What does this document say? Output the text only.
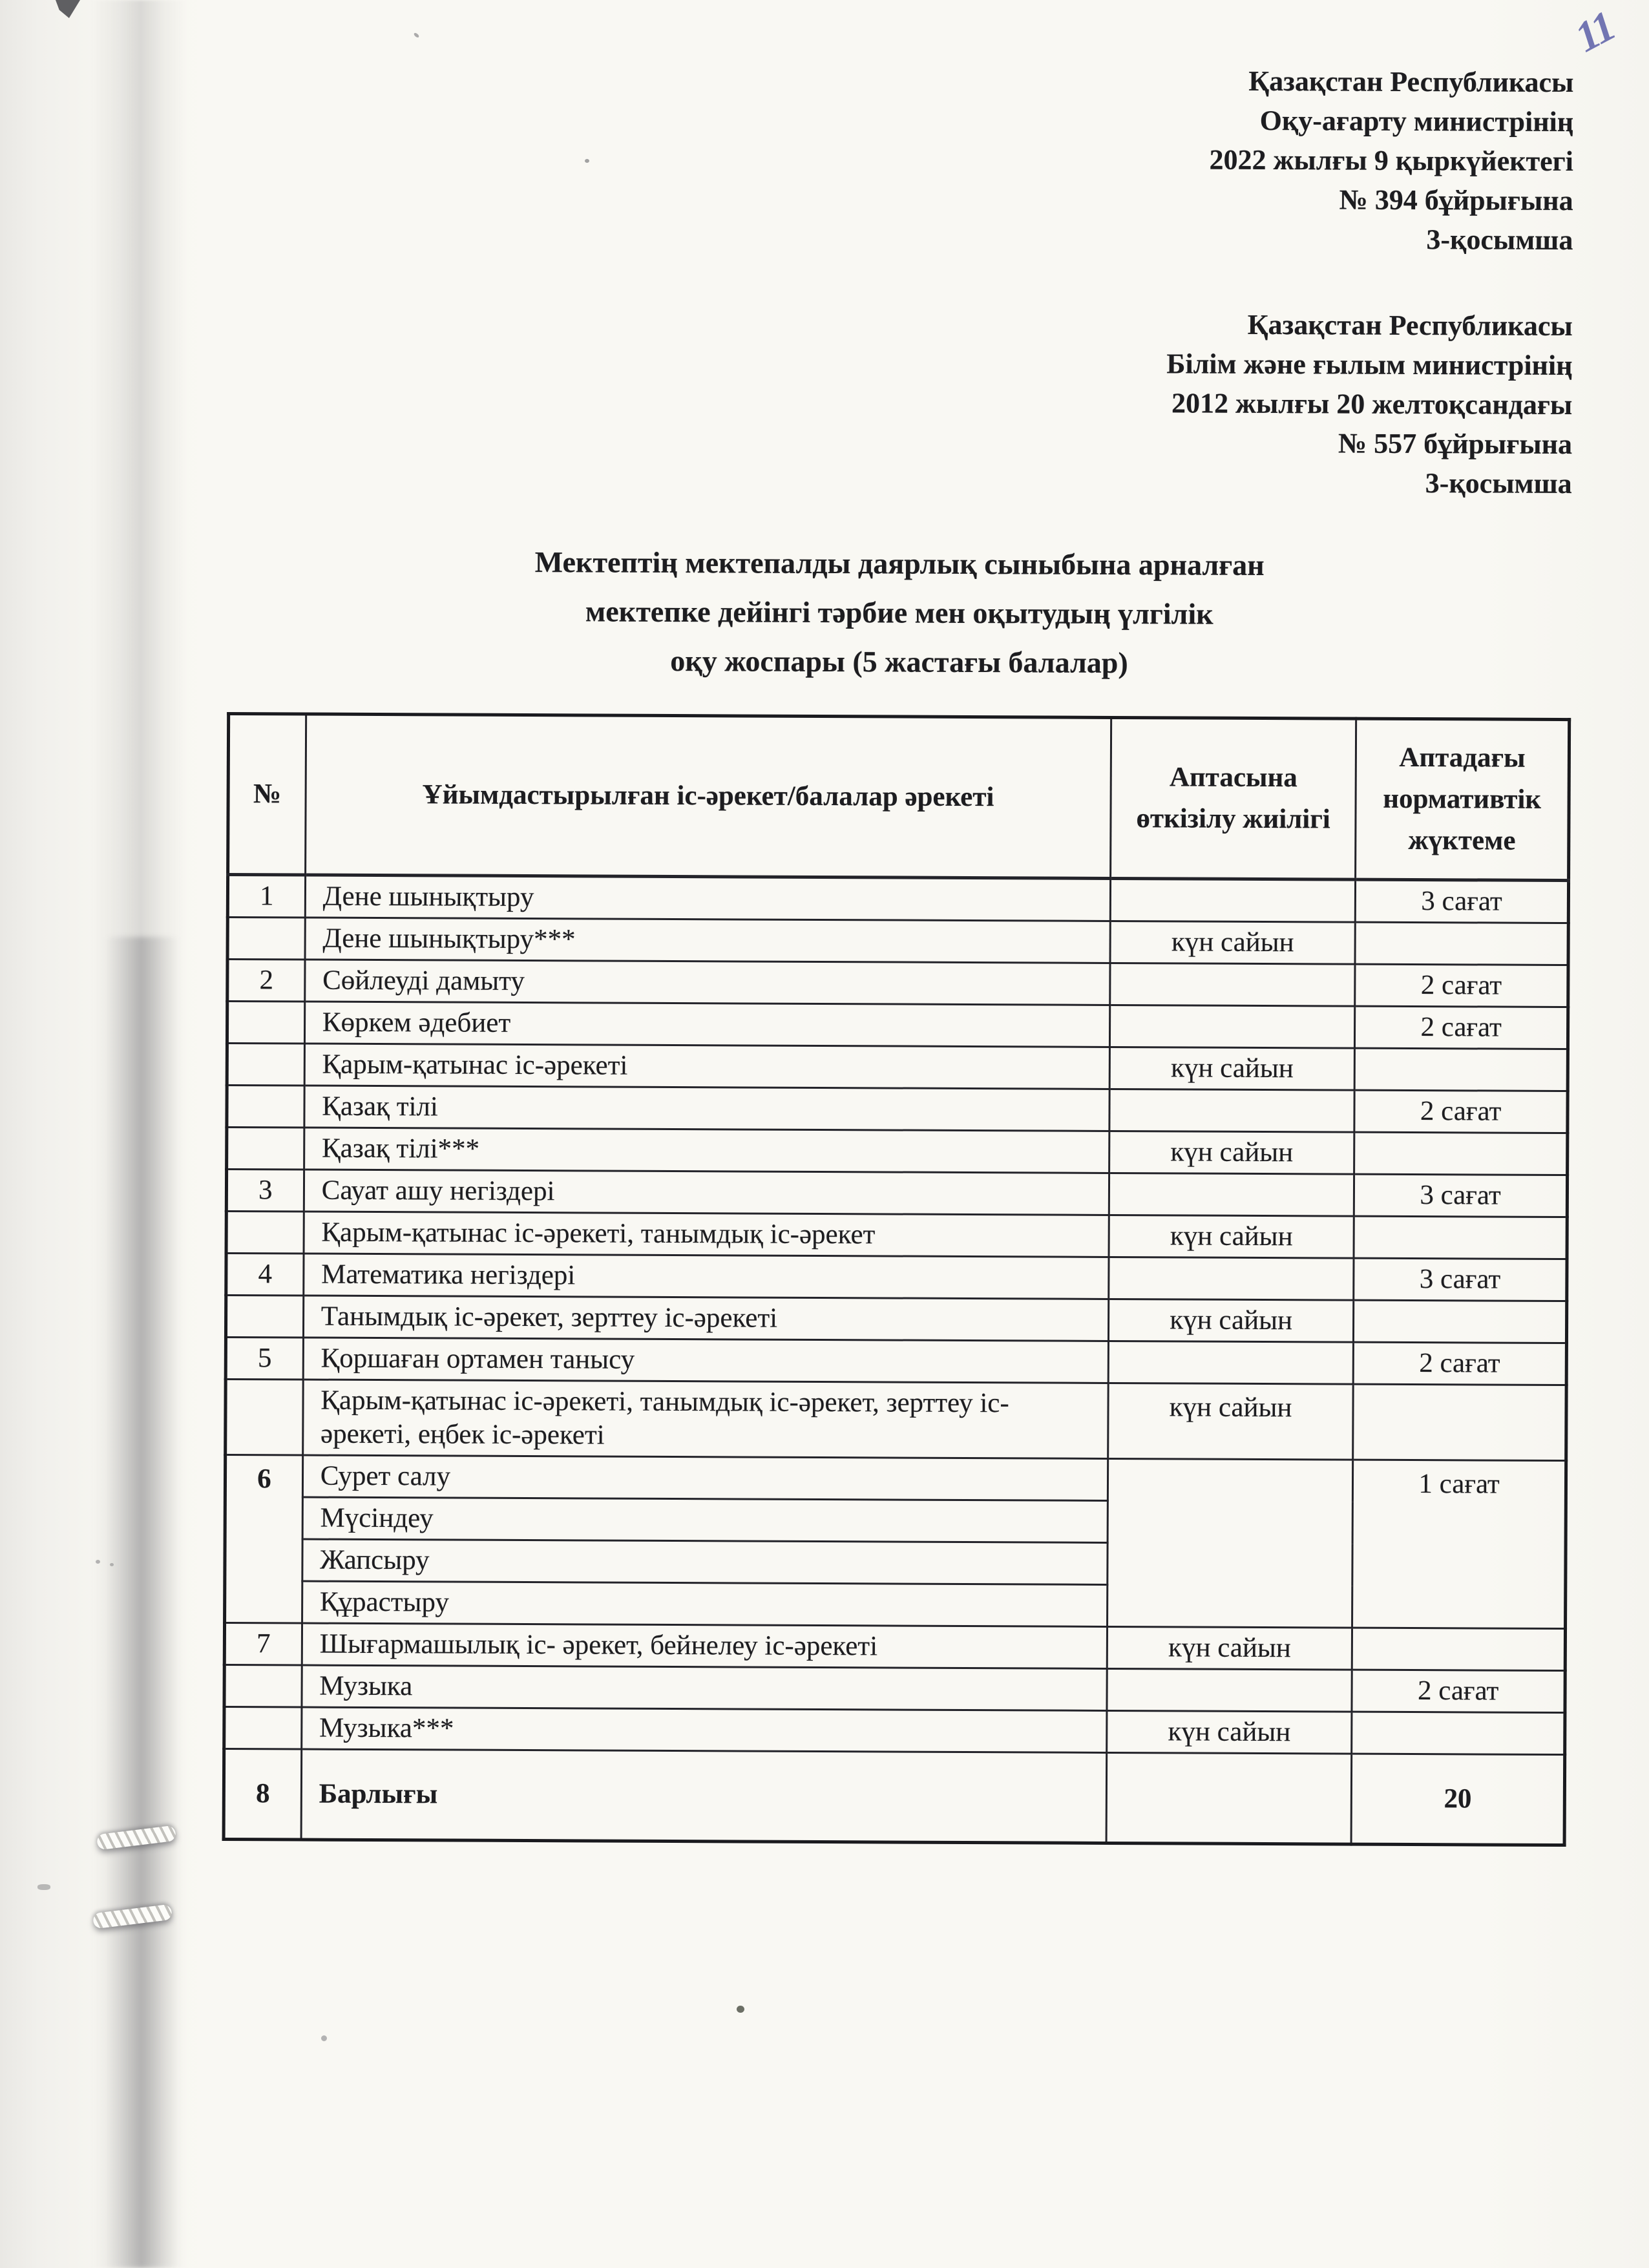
11
Қазақстан Республикасы
Оқу-ағарту министрінің
2022 жылғы 9 қыркүйектегі
№ 394 бұйрығына
3-қосымша
Қазақстан Республикасы
Білім және ғылым министрінің
2012 жылғы 20 желтоқсандағы
№ 557 бұйрығына
3-қосымша
Мектептің мектепалды даярлық сыныбына арналған
мектепке дейінгі тәрбие мен оқытудың үлгілік
оқу жоспары (5 жастағы балалар)
№	Ұйымдастырылған іс-әрекет/балалар әрекеті	Аптасына өткізілу жиілігі	Аптадағы нормативтік жүктеме
1	Дене шынықтыру		3 сағат
	Дене шынықтыру***	күн сайын	
2	Сөйлеуді дамыту		2 сағат
	Көркем әдебиет		2 сағат
	Қарым-қатынас іс-әрекеті	күн сайын	
	Қазақ тілі		2 сағат
	Қазақ тілі***	күн сайын	
3	Сауат ашу негіздері		3 сағат
	Қарым-қатынас іс-әрекеті, танымдық іс-әрекет	күн сайын	
4	Математика негіздері		3 сағат
	Танымдық іс-әрекет, зерттеу іс-әрекеті	күн сайын	
5	Қоршаған ортамен танысу		2 сағат
	Қарым-қатынас іс-әрекеті, танымдық іс-әрекет, зерттеу іс-әрекеті, еңбек іс-әрекеті	күн сайын	
6	Сурет салу		1 сағат
	Мүсіндеу		
	Жапсыру		
	Құрастыру		
7	Шығармашылық іс- әрекет, бейнелеу іс-әрекеті	күн сайын	
	Музыка		2 сағат
	Музыка***	күн сайын	
8	Барлығы		20
